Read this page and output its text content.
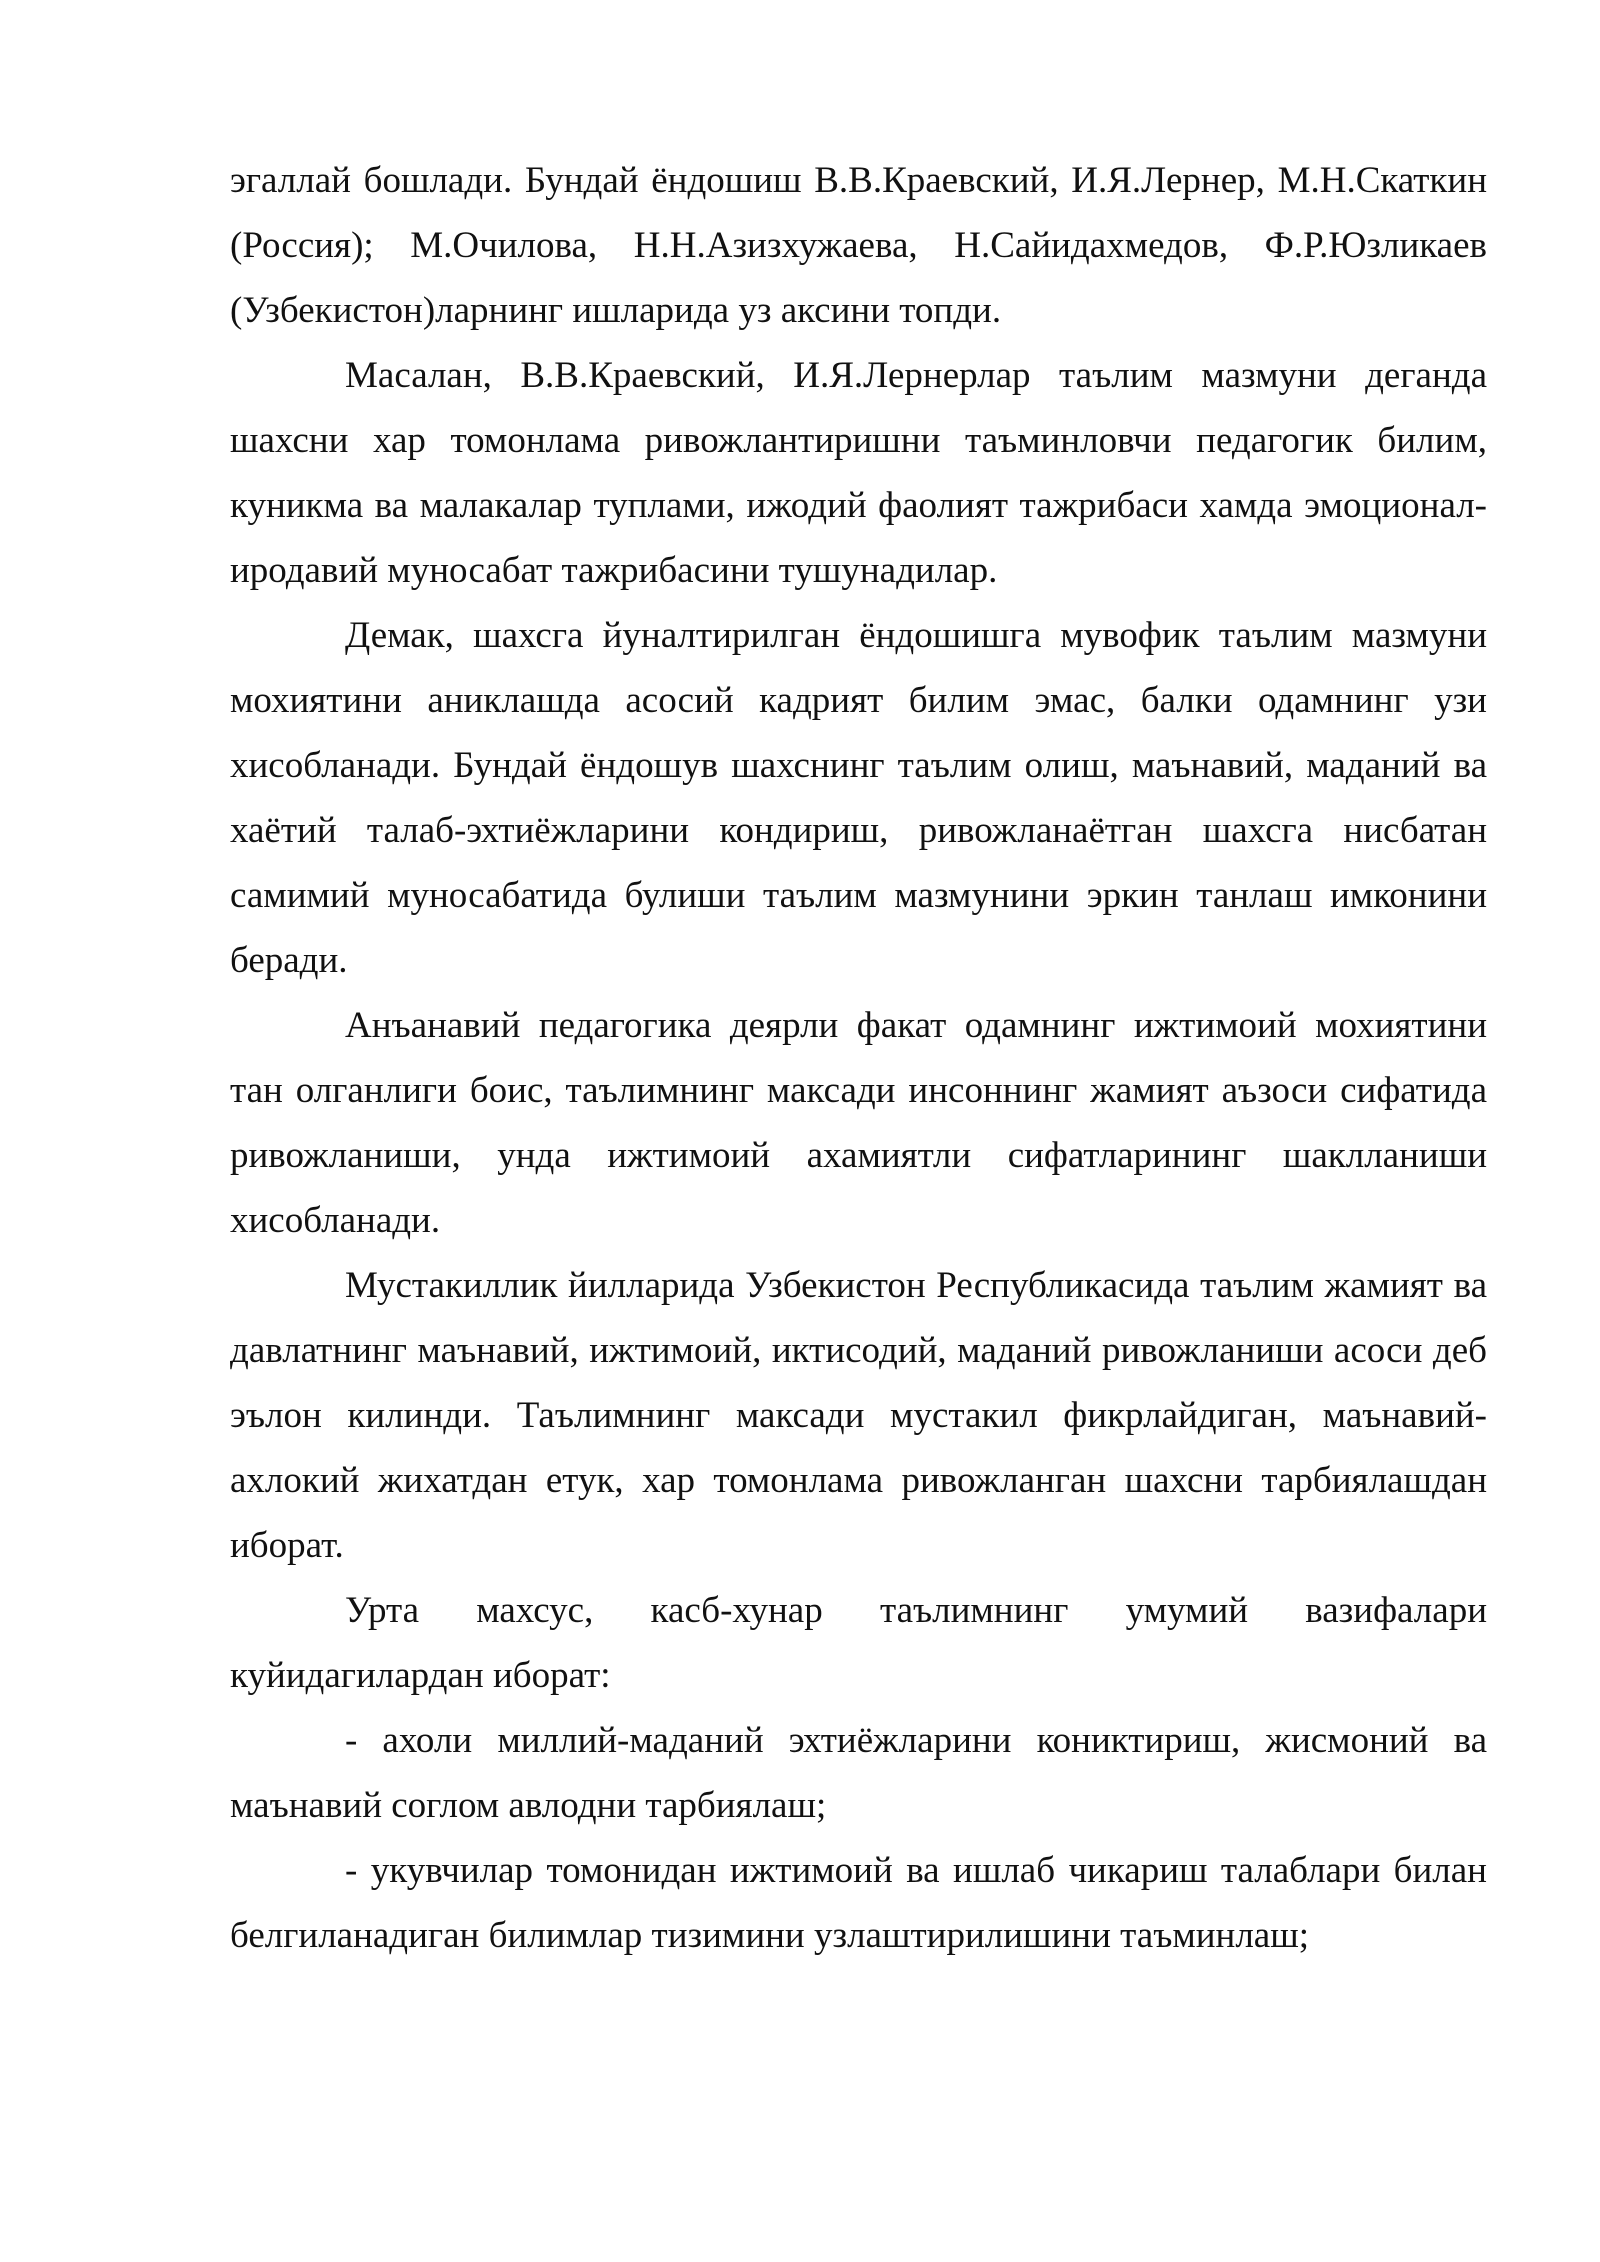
эгаллай бошлади. Бундай ёндошиш В.В.Краевский, И.Я.Лернер, М.Н.Скаткин (Россия); М.Очилова, Н.Н.Азизхужаева, Н.Сайидахмедов, Ф.Р.Юзликаев (Узбекистон)ларнинг ишларида уз аксини топди.

Масалан, В.В.Краевский, И.Я.Лернерлар таълим мазмуни деганда шахсни хар томонлама ривожлантиришни таъминловчи педагогик билим, куникма ва малакалар туплами, ижодий фаолият тажрибаси хамда эмоционал-иродавий муносабат тажрибасини тушунадилар.

Демак, шахсга йуналтирилган ёндошишга мувофик таълим мазмуни мохиятини аниклашда асосий кадрият билим эмас, балки одамнинг узи хисобланади. Бундай ёндошув шахснинг таълим олиш, маънавий, маданий ва хаётий талаб-эхтиёжларини кондириш, ривожланаётган шахсга нисбатан самимий муносабатида булиши таълим мазмунини эркин танлаш имконини беради.

Анъанавий педагогика деярли факат одамнинг ижтимоий мохиятини тан олганлиги боис, таълимнинг максади инсоннинг жамият аъзоси сифатида ривожланиши, унда ижтимоий ахамиятли сифатларининг шаклланиши хисобланади.

Мустакиллик йилларида Узбекистон Республикасида таълим жамият ва давлатнинг маънавий, ижтимоий, иктисодий, маданий ривожланиши асоси деб эълон килинди. Таълимнинг максади мустакил фикрлайдиган, маънавий-ахлокий жихатдан етук, хар томонлама ривожланган шахсни тарбиялашдан иборат.

Урта махсус, касб-хунар таълимнинг умумий вазифалари куйидагилардан иборат:

- ахоли миллий-маданий эхтиёжларини кониктириш, жисмоний ва маънавий соглом авлодни тарбиялаш;

- укувчилар томонидан ижтимоий ва ишлаб чикариш талаблари билан белгиланадиган билимлар тизимини узлаштирилишини таъминлаш;
